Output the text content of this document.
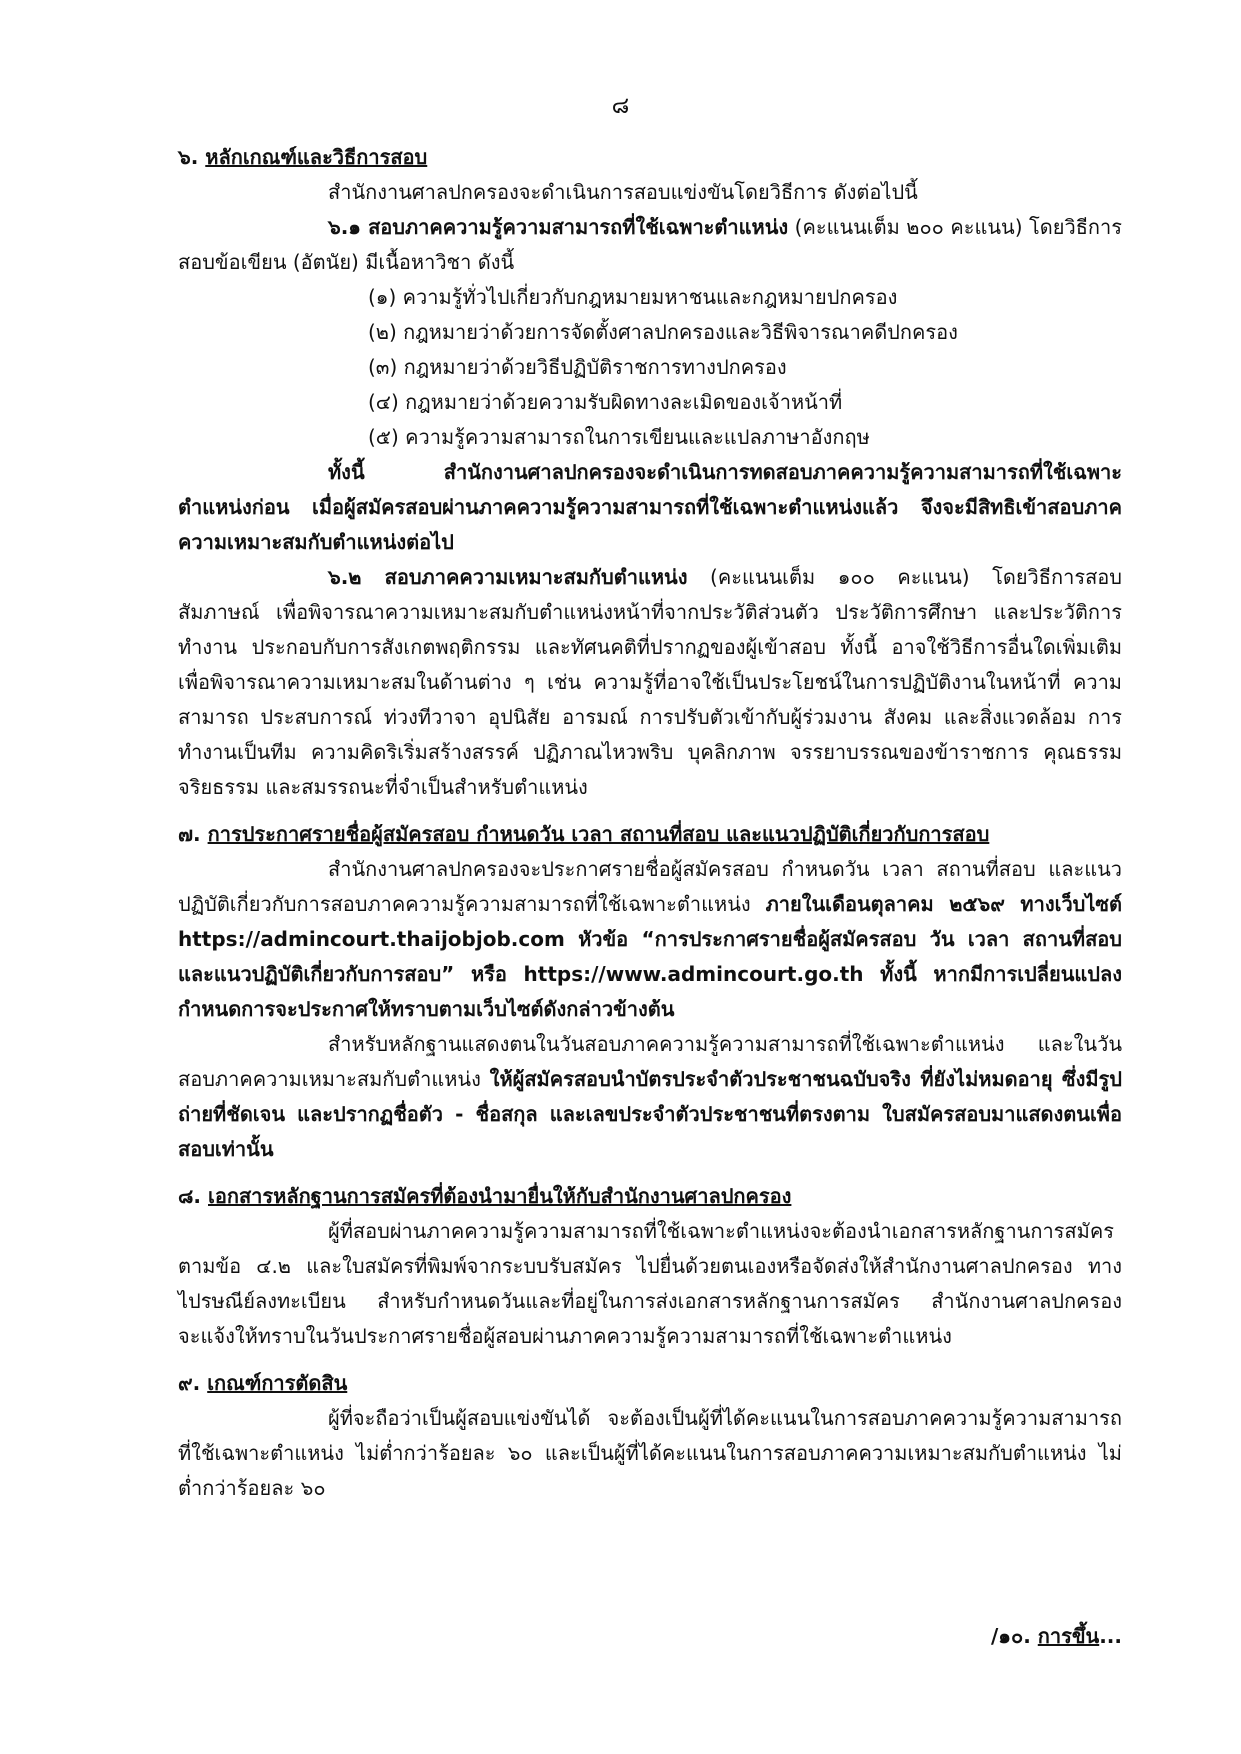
๘
๖. หลักเกณฑ์และวิธีการสอบ
สำนักงานศาลปกครองจะดำเนินการสอบแข่งขันโดยวิธีการ ดังต่อไปนี้
๖.๑ สอบภาคความรู้ความสามารถที่ใช้เฉพาะตำแหน่ง (คะแนนเต็ม ๒๐๐ คะแนน) โดยวิธีการสอบข้อเขียน (อัตนัย) มีเนื้อหาวิชา ดังนี้
(๑) ความรู้ทั่วไปเกี่ยวกับกฎหมายมหาชนและกฎหมายปกครอง
(๒) กฎหมายว่าด้วยการจัดตั้งศาลปกครองและวิธีพิจารณาคดีปกครอง
(๓) กฎหมายว่าด้วยวิธีปฏิบัติราชการทางปกครอง
(๔) กฎหมายว่าด้วยความรับผิดทางละเมิดของเจ้าหน้าที่
(๕) ความรู้ความสามารถในการเขียนและแปลภาษาอังกฤษ
ทั้งนี้ สำนักงานศาลปกครองจะดำเนินการทดสอบภาคความรู้ความสามารถที่ใช้เฉพาะตำแหน่งก่อน เมื่อผู้สมัครสอบผ่านภาคความรู้ความสามารถที่ใช้เฉพาะตำแหน่งแล้ว จึงจะมีสิทธิเข้าสอบภาคความเหมาะสมกับตำแหน่งต่อไป
๖.๒ สอบภาคความเหมาะสมกับตำแหน่ง (คะแนนเต็ม ๑๐๐ คะแนน) โดยวิธีการสอบสัมภาษณ์ เพื่อพิจารณาความเหมาะสมกับตำแหน่งหน้าที่จากประวัติส่วนตัว ประวัติการศึกษา และประวัติการทำงาน ประกอบกับการสังเกตพฤติกรรม และทัศนคติที่ปรากฏของผู้เข้าสอบ ทั้งนี้ อาจใช้วิธีการอื่นใดเพิ่มเติม เพื่อพิจารณาความเหมาะสมในด้านต่าง ๆ เช่น ความรู้ที่อาจใช้เป็นประโยชน์ในการปฏิบัติงานในหน้าที่ ความสามารถ ประสบการณ์ ท่วงทีวาจา อุปนิสัย อารมณ์ การปรับตัวเข้ากับผู้ร่วมงาน สังคม และสิ่งแวดล้อม การทำงานเป็นทีม ความคิดริเริ่มสร้างสรรค์ ปฏิภาณไหวพริบ บุคลิกภาพ จรรยาบรรณของข้าราชการ คุณธรรม จริยธรรม และสมรรถนะที่จำเป็นสำหรับตำแหน่ง
๗. การประกาศรายชื่อผู้สมัครสอบ กำหนดวัน เวลา สถานที่สอบ และแนวปฏิบัติเกี่ยวกับการสอบ
สำนักงานศาลปกครองจะประกาศรายชื่อผู้สมัครสอบ กำหนดวัน เวลา สถานที่สอบ และแนวปฏิบัติเกี่ยวกับการสอบภาคความรู้ความสามารถที่ใช้เฉพาะตำแหน่ง ภายในเดือนตุลาคม ๒๕๖๙ ทางเว็บไซต์ https://admincourt.thaijobjob.com หัวข้อ “การประกาศรายชื่อผู้สมัครสอบ วัน เวลา สถานที่สอบและแนวปฏิบัติเกี่ยวกับการสอบ” หรือ https://www.admincourt.go.th ทั้งนี้ หากมีการเปลี่ยนแปลงกำหนดการจะประกาศให้ทราบตามเว็บไซต์ดังกล่าวข้างต้น
สำหรับหลักฐานแสดงตนในวันสอบภาคความรู้ความสามารถที่ใช้เฉพาะตำแหน่ง และในวันสอบภาคความเหมาะสมกับตำแหน่ง ให้ผู้สมัครสอบนำบัตรประจำตัวประชาชนฉบับจริง ที่ยังไม่หมดอายุ ซึ่งมีรูปถ่ายที่ชัดเจน และปรากฏชื่อตัว - ชื่อสกุล และเลขประจำตัวประชาชนที่ตรงตาม ใบสมัครสอบมาแสดงตนเพื่อสอบเท่านั้น
๘. เอกสารหลักฐานการสมัครที่ต้องนำมายื่นให้กับสำนักงานศาลปกครอง
ผู้ที่สอบผ่านภาคความรู้ความสามารถที่ใช้เฉพาะตำแหน่งจะต้องนำเอกสารหลักฐานการสมัครตามข้อ ๔.๒ และใบสมัครที่พิมพ์จากระบบรับสมัคร ไปยื่นด้วยตนเองหรือจัดส่งให้สำนักงานศาลปกครอง ทางไปรษณีย์ลงทะเบียน สำหรับกำหนดวันและที่อยู่ในการส่งเอกสารหลักฐานการสมัคร สำนักงานศาลปกครอง จะแจ้งให้ทราบในวันประกาศรายชื่อผู้สอบผ่านภาคความรู้ความสามารถที่ใช้เฉพาะตำแหน่ง
๙. เกณฑ์การตัดสิน
ผู้ที่จะถือว่าเป็นผู้สอบแข่งขันได้ จะต้องเป็นผู้ที่ได้คะแนนในการสอบภาคความรู้ความสามารถ ที่ใช้เฉพาะตำแหน่ง ไม่ต่ำกว่าร้อยละ ๖๐ และเป็นผู้ที่ได้คะแนนในการสอบภาคความเหมาะสมกับตำแหน่ง ไม่ต่ำกว่าร้อยละ ๖๐
/๑๐. การขึ้น...
